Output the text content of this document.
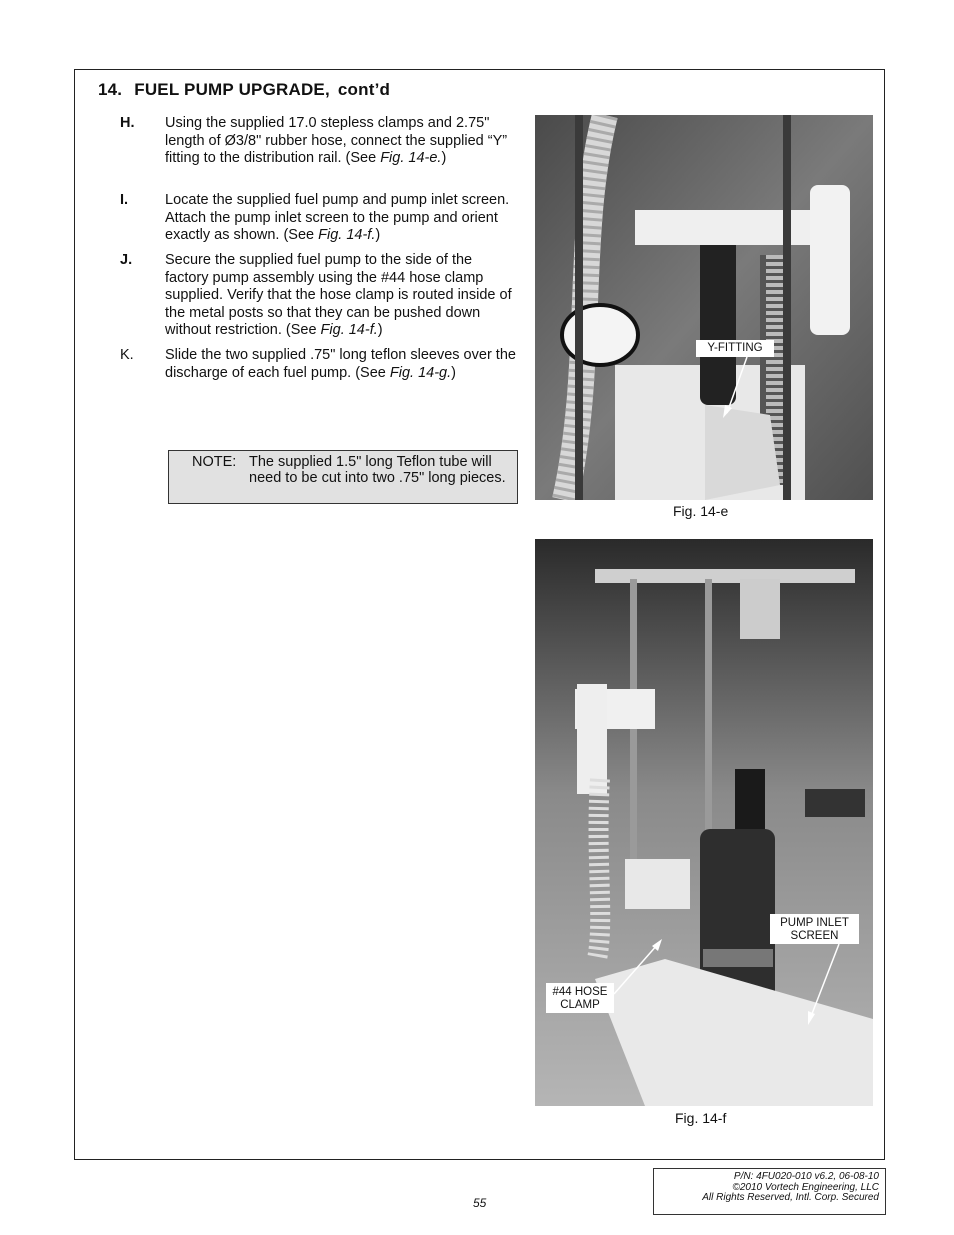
14. FUEL PUMP UPGRADE, cont’d
H. Using the supplied 17.0 stepless clamps and 2.75" length of Ø3/8" rubber hose, connect the supplied “Y” fitting to the distribution rail. (See Fig. 14-e.)
I.	Locate the supplied fuel pump and pump inlet screen. Attach the pump inlet screen to the pump and orient exactly as shown. (See Fig. 14-f.)
J. Secure the supplied fuel pump to the side of the factory pump assembly using the #44 hose clamp supplied. Verify that the hose clamp is routed inside of the metal posts so that they can be pushed down without restriction. (See Fig. 14-f.)
K. Slide the two supplied .75" long teflon sleeves over the discharge of each fuel pump. (See Fig. 14-g.)
NOTE: The supplied 1.5" long Teflon tube will need to be cut into two .75" long pieces.
Y-FITTING
Fig. 14-e
PUMP INLET SCREEN
#44 HOSE CLAMP
Fig. 14-f
55
P/N: 4FU020-010 v6.2, 06-08-10
©2010 Vortech Engineering, LLC
All Rights Reserved, Intl. Corp. Secured
